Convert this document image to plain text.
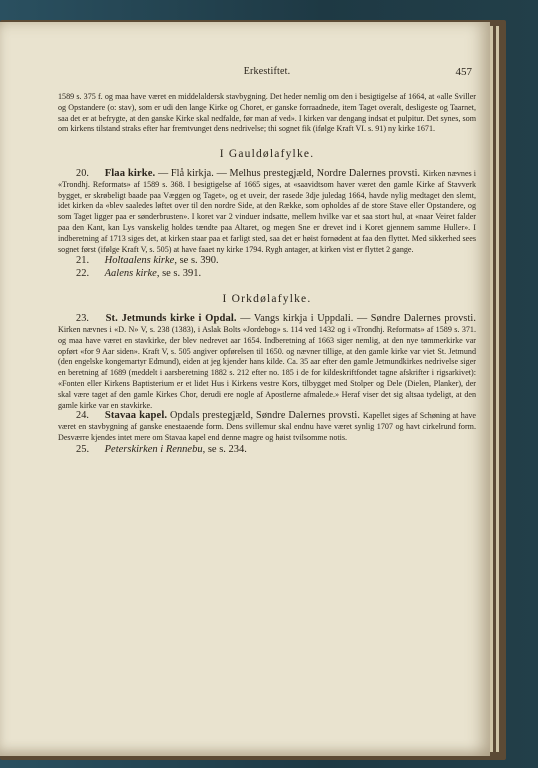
Erkestiftet.	457

1589 s. 375 f. og maa have været en middelaldersk stavbygning. Det heder nemlig om den i besigtigelse af 1664, at «alle Sviller og Opstandere (o: stav), som er udi den lange Kirke og Choret, er ganske forraadnede, item Taget overalt, desligeste og Taarnet, saa det er at befrygte, at den ganske Kirke skal nedfalde, før man af ved». I kirken var dengang indsat et pulpitur. Det synes, som om kirkens tilstand straks efter har fremtvunget dens nedrivelse; thi sognet fik (ifølge Kraft VI. s. 91) ny kirke 1671.

I Gauldølafylke.

20. Flaa kirke. — Flå kirkja. — Melhus prestegjæld, Nordre Dalernes provsti. Kirken nævnes i «Trondhj. Reformats» af 1589 s. 368. I besigtigelse af 1665 siges, at «saavidtsom haver været den gamle Kirke af Stavverk bygget, er skrøbeligt baade paa Væggen og Taget», og et uveir, der rasede 3dje juledag 1664, havde nylig medtaget den slemt, idet kirken da «blev saaledes løftet over til den nordre Side, at den Række, som opholdes af de store Stave eller Opstandere, og som Taget ligger paa er sønderbrusten». I koret var 2 vinduer indsatte, mellem hvilke var et saa stort hul, at «naar Veiret falder paa den Kant, kan Lys vanskelig holdes tændte paa Altaret, og megen Sne er drevet ind i Koret gjennem samme Huller». I indberetning af 1713 siges det, at kirken staar paa et farligt sted, saa det er høist fornødent at faa den flyttet. Med sikkerhed sees sognet først (ifølge Kraft V, s. 505) at have faaet ny kirke 1794. Rygh antager, at kirken vist er flyttet 2 gange.

21. Holtaalens kirke, se s. 390.

22. Aalens kirke, se s. 391.

I Orkdølafylke.

23. St. Jetmunds kirke i Opdal. — Vangs kirkja i Uppdali. — Søndre Dalernes provsti. Kirken nævnes i «D. N» V, s. 238 (1383), i Aslak Bolts «Jordebog» s. 114 ved 1432 og i «Trondhj. Reformats» af 1589 s. 371. og maa have været en stavkirke, der blev nedrevet aar 1654. Indberetning af 1663 siger nemlig, at den nye tømmerkirke var opført «for 9 Aar siden». Kraft V, s. 505 angiver opførelsen til 1650. og nævner tillige, at den gamle kirke var viet St. Jetmund (den engelske kongemartyr Edmund), eiden at jeg kjender hans kilde. Ca. 35 aar efter den gamle Jetmundkirkes nedrivelse siger en beretning af 1689 (meddelt i aarsberetning 1882 s. 212 efter no. 185 i de for kildeskriftfondet tagne afskrifter i rigsarkivet): «Fonten eller Kirkens Baptisterium er et lidet Hus i Kirkens vestre Kors, tilbygget med Stolper og Dele (Dielen, Planker), der skal være taget af den gamle Kirkes Chor, derudi ere nogle af Apostlerne afmalede.» Heraf viser det sig altsaa tydeligt, at den gamle kirke var en stavkirke.

24. Stavaa kapel. Opdals prestegjæld, Søndre Dalernes provsti. Kapellet siges af Schøning at have været en stavbygning af ganske enestaaende form. Dens svillemur skal endnu have været synlig 1707 og havt cirkelrund form. Desværre kjendes intet mere om Stavaa kapel end denne magre og høist tvilsomme notis.

25. Peterskirken i Rennebu, se s. 234.
